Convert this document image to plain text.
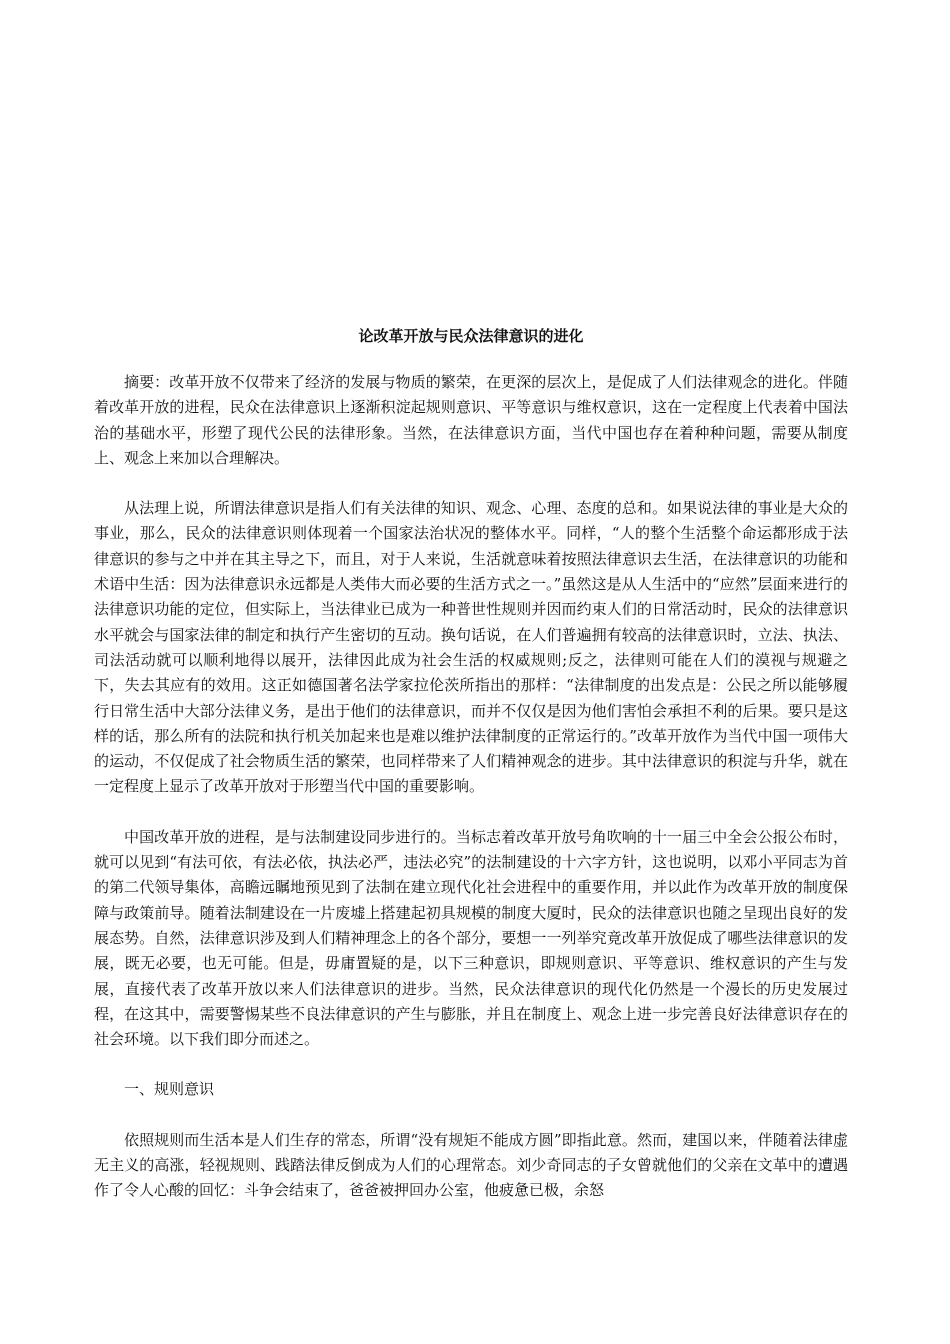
论改革开放与民众法律意识的进化

摘要：改革开放不仅带来了经济的发展与物质的繁荣，在更深的层次上，是促成了人们法律观念的进化。伴随着改革开放的进程，民众在法律意识上逐渐积淀起规则意识、平等意识与维权意识，这在一定程度上代表着中国法治的基础水平，形塑了现代公民的法律形象。当然，在法律意识方面，当代中国也存在着种种问题，需要从制度上、观念上来加以合理解决。

从法理上说，所谓法律意识是指人们有关法律的知识、观念、心理、态度的总和。如果说法律的事业是大众的事业，那么，民众的法律意识则体现着一个国家法治状况的整体水平。同样，“人的整个生活整个命运都形成于法律意识的参与之中并在其主导之下，而且，对于人来说，生活就意味着按照法律意识去生活，在法律意识的功能和术语中生活：因为法律意识永远都是人类伟大而必要的生活方式之一。”虽然这是从人生活中的“应然”层面来进行的法律意识功能的定位，但实际上，当法律业已成为一种普世性规则并因而约束人们的日常活动时，民众的法律意识水平就会与国家法律的制定和执行产生密切的互动。换句话说，在人们普遍拥有较高的法律意识时，立法、执法、司法活动就可以顺利地得以展开，法律因此成为社会生活的权威规则;反之，法律则可能在人们的漠视与规避之下，失去其应有的效用。这正如德国著名法学家拉伦茨所指出的那样：“法律制度的出发点是：公民之所以能够履行日常生活中大部分法律义务，是出于他们的法律意识，而并不仅仅是因为他们害怕会承担不利的后果。要只是这样的话，那么所有的法院和执行机关加起来也是难以维护法律制度的正常运行的。”改革开放作为当代中国一项伟大的运动，不仅促成了社会物质生活的繁荣，也同样带来了人们精神观念的进步。其中法律意识的积淀与升华，就在一定程度上显示了改革开放对于形塑当代中国的重要影响。

中国改革开放的进程，是与法制建设同步进行的。当标志着改革开放号角吹响的十一届三中全会公报公布时，就可以见到“有法可依，有法必依，执法必严，违法必究”的法制建设的十六字方针，这也说明，以邓小平同志为首的第二代领导集体，高瞻远瞩地预见到了法制在建立现代化社会进程中的重要作用，并以此作为改革开放的制度保障与政策前导。随着法制建设在一片废墟上搭建起初具规模的制度大厦时，民众的法律意识也随之呈现出良好的发展态势。自然，法律意识涉及到人们精神理念上的各个部分，要想一一列举究竟改革开放促成了哪些法律意识的发展，既无必要，也无可能。但是，毋庸置疑的是，以下三种意识，即规则意识、平等意识、维权意识的产生与发展，直接代表了改革开放以来人们法律意识的进步。当然，民众法律意识的现代化仍然是一个漫长的历史发展过程，在这其中，需要警惕某些不良法律意识的产生与膨胀，并且在制度上、观念上进一步完善良好法律意识存在的社会环境。以下我们即分而述之。

一、规则意识

依照规则而生活本是人们生存的常态，所谓“没有规矩不能成方圆”即指此意。然而，建国以来，伴随着法律虚无主义的高涨，轻视规则、践踏法律反倒成为人们的心理常态。刘少奇同志的子女曾就他们的父亲在文革中的遭遇作了令人心酸的回忆：斗争会结束了，爸爸被押回办公室，他疲惫已极，余怒
